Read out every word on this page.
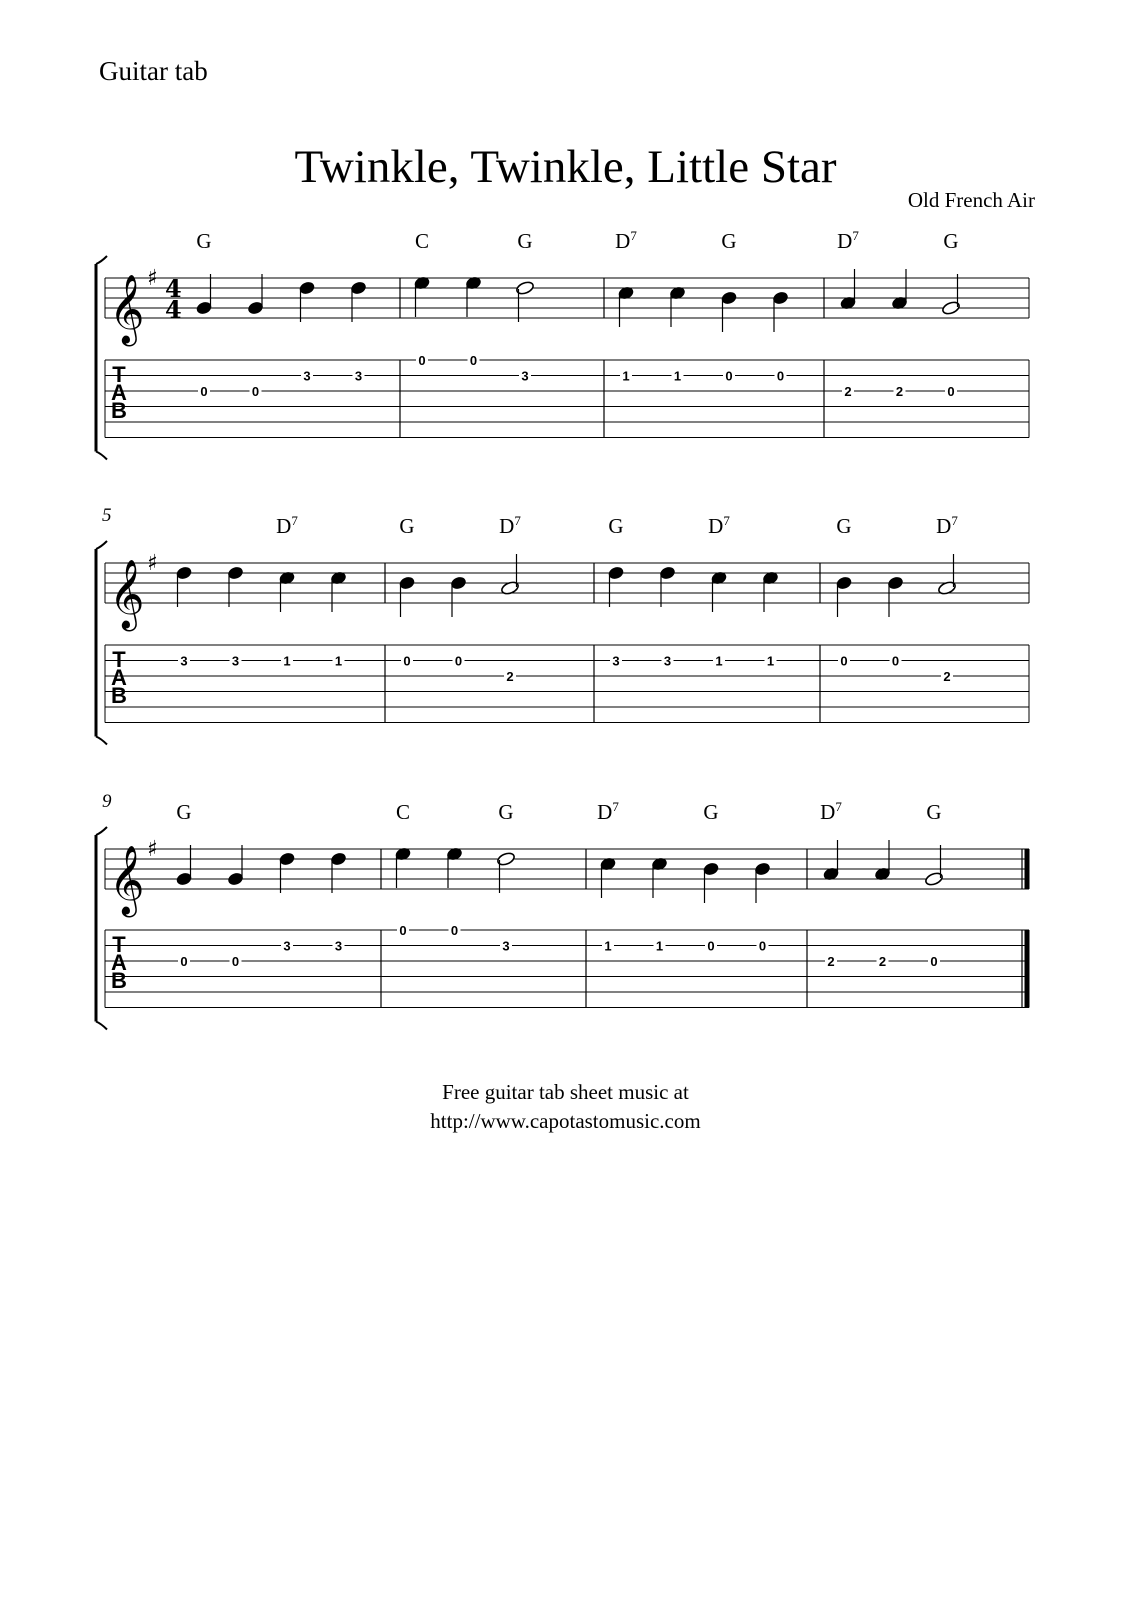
Guitar tab
Twinkle, Twinkle, Little Star
Old French Air
𝄞 ♯ 4
4
T
A
B
G
0	0
3	3
C	G
0	0
3
$D^7$	G
1	1	0	0
$D^7$	G
2	2	0
𝄞 ♯
T
A
B
5	$D^7$
3	3	1	1
G	$D^7$
0	0
2
G	$D^7$
3	3	1	1
G	$D^7$
0	0
2
𝄞 ♯
T
A
B
9	G
0	0
3	3
C	G
0	0
3
$D^7$	G
1	1	0	0
$D^7$	G
2	2	0
Free guitar tab sheet music at
http://www.capotastomusic.com
